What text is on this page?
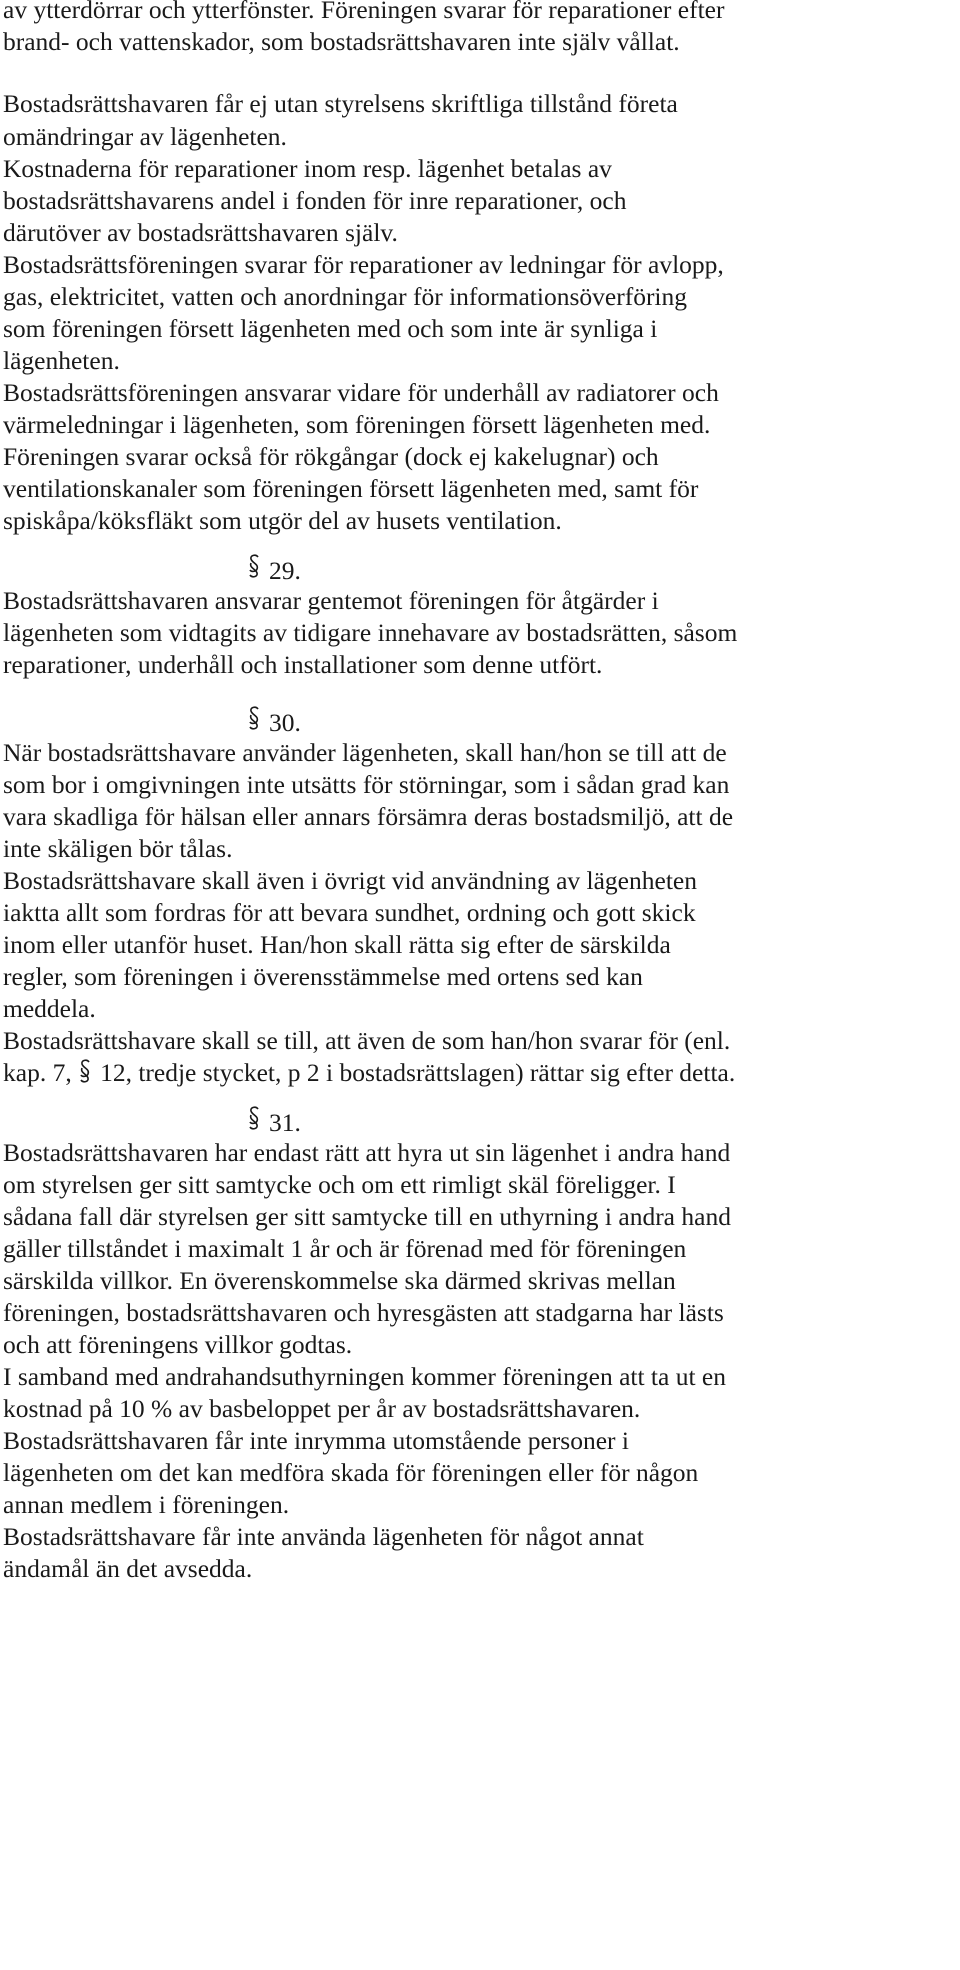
av ytterdörrar och ytterfönster. Föreningen svarar för reparationer efter
brand- och vattenskador, som bostadsrättshavaren inte själv vållat.
Bostadsrättshavaren får ej utan styrelsens skriftliga tillstånd företa
omändringar av lägenheten.
Kostnaderna för reparationer inom resp. lägenhet betalas av
bostadsrättshavarens andel i fonden för inre reparationer, och
därutöver av bostadsrättshavaren själv.
Bostadsrättsföreningen svarar för reparationer av ledningar för avlopp,
gas, elektricitet, vatten och anordningar för informationsöverföring
som föreningen försett lägenheten med och som inte är synliga i
lägenheten.
Bostadsrättsföreningen ansvarar vidare för underhåll av radiatorer och
värmeledningar i lägenheten, som föreningen försett lägenheten med.
Föreningen svarar också för rökgångar (dock ej kakelugnar) och
ventilationskanaler som föreningen försett lägenheten med, samt för
spiskåpa/köksfläkt som utgör del av husets ventilation.
29.
Bostadsrättshavaren ansvarar gentemot föreningen för åtgärder i
lägenheten som vidtagits av tidigare innehavare av bostadsrätten, såsom
reparationer, underhåll och installationer som denne utfört.
30.
När bostadsrättshavare använder lägenheten, skall han/hon se till att de
som bor i omgivningen inte utsätts för störningar, som i sådan grad kan
vara skadliga för hälsan eller annars försämra deras bostadsmiljö, att de
inte skäligen bör tålas.
Bostadsrättshavare skall även i övrigt vid användning av lägenheten
iaktta allt som fordras för att bevara sundhet, ordning och gott skick
inom eller utanför huset. Han/hon skall rätta sig efter de särskilda
regler, som föreningen i överensstämmelse med ortens sed kan
meddela.
Bostadsrättshavare skall se till, att även de som han/hon svarar för (enl.
kap. 7, 12, tredje stycket, p 2 i bostadsrättslagen) rättar sig efter detta.
31.
Bostadsrättshavaren har endast rätt att hyra ut sin lägenhet i andra hand
om styrelsen ger sitt samtycke och om ett rimligt skäl föreligger. I
sådana fall där styrelsen ger sitt samtycke till en uthyrning i andra hand
gäller tillståndet i maximalt 1 år och är förenad med för föreningen
särskilda villkor. En överenskommelse ska därmed skrivas mellan
föreningen, bostadsrättshavaren och hyresgästen att stadgarna har lästs
och att föreningens villkor godtas.
I samband med andrahandsuthyrningen kommer föreningen att ta ut en
kostnad på 10 % av basbeloppet per år av bostadsrättshavaren.
Bostadsrättshavaren får inte inrymma utomstående personer i
lägenheten om det kan medföra skada för föreningen eller för någon
annan medlem i föreningen.
Bostadsrättshavare får inte använda lägenheten för något annat
ändamål än det avsedda.
